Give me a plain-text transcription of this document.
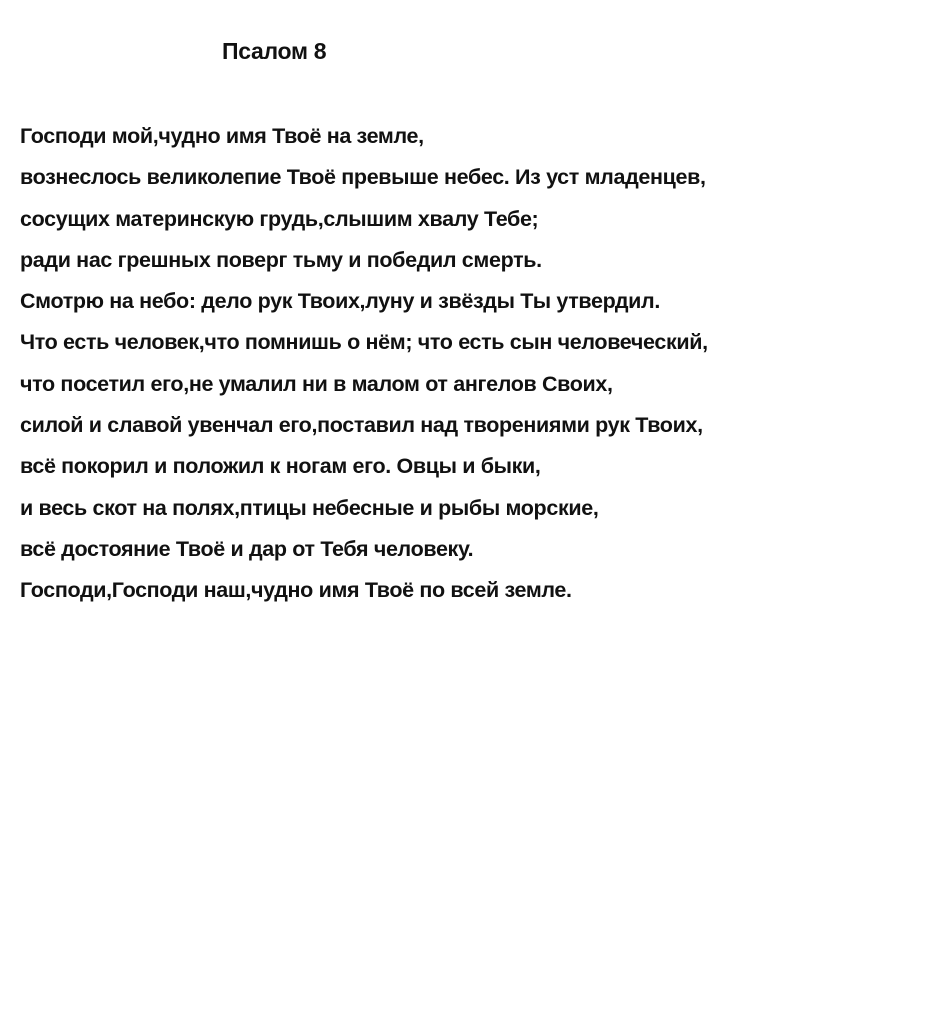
Псалом 8
Господи мой,чудно имя Твоё на земле,
вознеслось великолепие Твоё превыше небес. Из уст младенцев,
сосущих материнскую грудь,слышим хвалу Тебе;
ради нас грешных поверг тьму и победил смерть.
Смотрю на небо: дело рук Твоих,луну и звёзды Ты утвердил.
Что есть человек,что помнишь о нём; что есть сын человеческий,
что посетил его,не умалил ни в малом от ангелов Своих,
силой и славой увенчал его,поставил над творениями рук Твоих,
всё покорил и положил к ногам его. Овцы и быки,
и весь скот на полях,птицы небесные и рыбы морские,
всё достояние Твоё и дар от Тебя человеку.
Господи,Господи наш,чудно имя Твоё по всей земле.
